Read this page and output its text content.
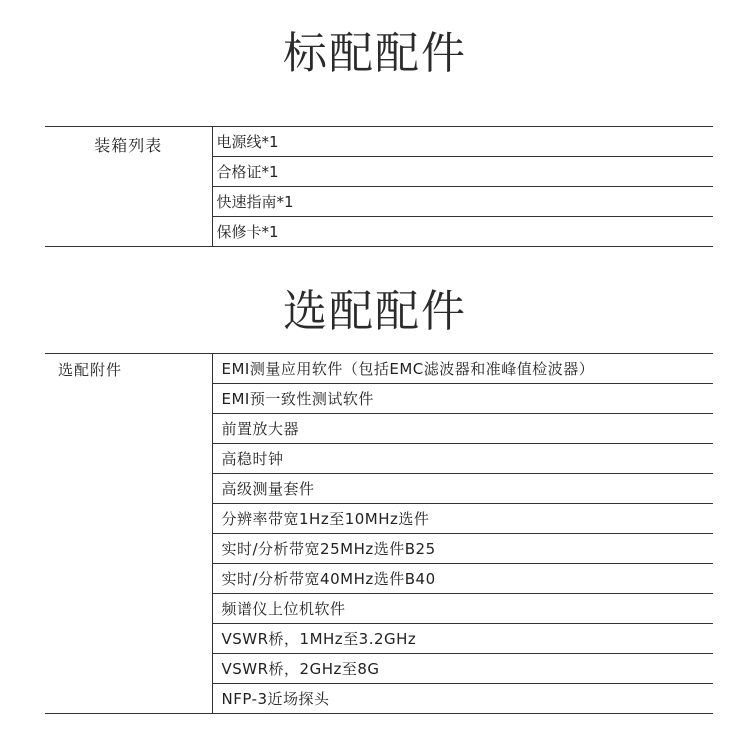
标配配件
装箱列表	电源线*1
合格证*1
快速指南*1
保修卡*1
选配配件
选配附件	EMI测量应用软件（包括EMC滤波器和准峰值检波器）
EMI预一致性测试软件
前置放大器
高稳时钟
高级测量套件
分辨率带宽1Hz至10MHz选件
实时/分析带宽25MHz选件B25
实时/分析带宽40MHz选件B40
频谱仪上位机软件
VSWR桥，1MHz至3.2GHz
VSWR桥，2GHz至8G
NFP-3近场探头
